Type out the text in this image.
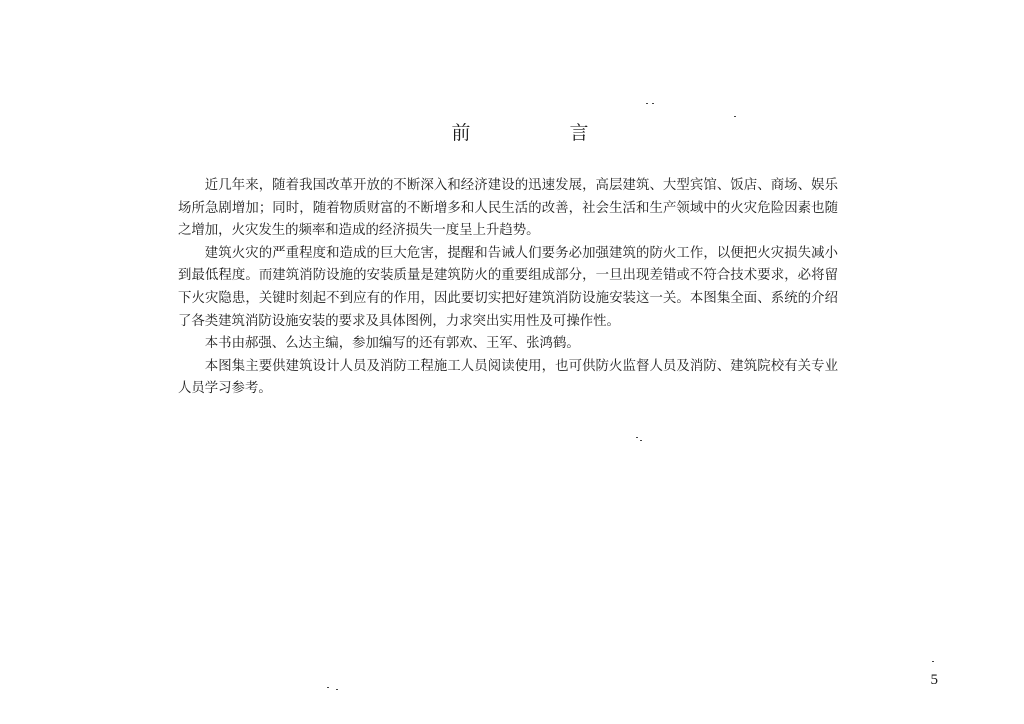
前　言

近几年来，随着我国改革开放的不断深入和经济建设的迅速发展，高层建筑、大型宾馆、饭店、商场、娱乐场所急剧增加；同时，随着物质财富的不断增多和人民生活的改善，社会生活和生产领域中的火灾危险因素也随之增加，火灾发生的频率和造成的经济损失一度呈上升趋势。

建筑火灾的严重程度和造成的巨大危害，提醒和告诫人们要务必加强建筑的防火工作，以便把火灾损失减小到最低程度。而建筑消防设施的安装质量是建筑防火的重要组成部分，一旦出现差错或不符合技术要求，必将留下火灾隐患，关键时刻起不到应有的作用，因此要切实把好建筑消防设施安装这一关。本图集全面、系统的介绍了各类建筑消防设施安装的要求及具体图例，力求突出实用性及可操作性。

本书由郝强、么达主编，参加编写的还有郭欢、王军、张鸿鹤。

本图集主要供建筑设计人员及消防工程施工人员阅读使用，也可供防火监督人员及消防、建筑院校有关专业人员学习参考。

5
